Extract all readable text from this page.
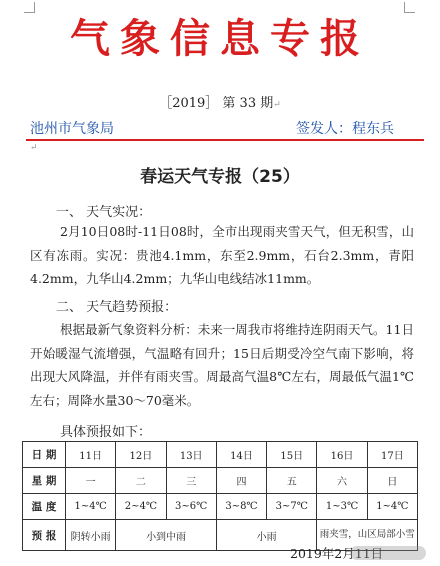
气象信息专报
［2019］ 第 33 期↵
池州市气象局	签发人：程东兵
↵
春运天气专报（25）
一、 天气实况：
2月10日08时-11日08时，全市出现雨夹雪天气，但无积雪，山区有冻雨。实况：贵池4.1mm，东至2.9mm，石台2.3mm，青阳4.2mm，九华山4.2mm；九华山电线结冰11mm。
二、 天气趋势预报：
根据最新气象资料分析：未来一周我市将维持连阴雨天气。11日开始暖湿气流增强，气温略有回升；15日后期受冷空气南下影响，将出现大风降温，并伴有雨夹雪。周最高气温8℃左右，周最低气温1℃左右；周降水量30～70毫米。
具体预报如下：
日 期	11日	12日	13日	14日	15日	16日	17日
星 期	一	二	三	四	五	六	日
温 度	1~4℃	2~4℃	3~6℃	3~8℃	3~7℃	1~3℃	1~4℃
预 报	阴转小雨	小到中雨		小雨		雨夹雪，山区局部小雪	
2019年2月11日
